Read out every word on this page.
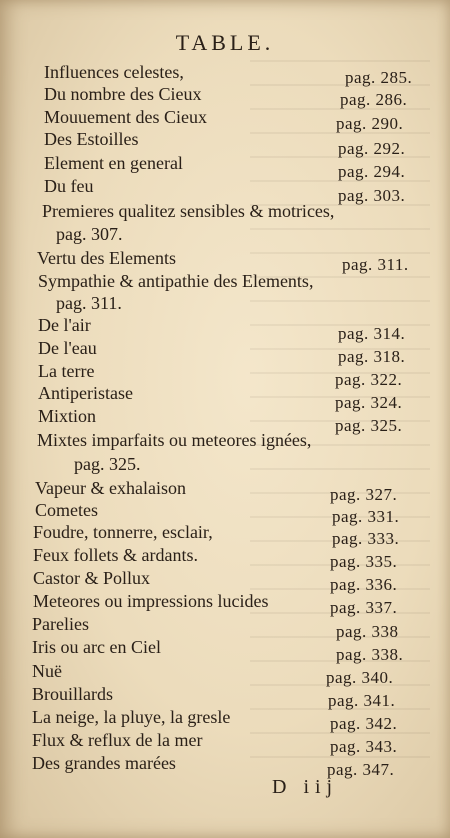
TABLE.
Influences celestes,	pag. 285.
Du nombre des Cieux	pag. 286.
Mouuement des Cieux	pag. 290.
Des Estoilles	pag. 292.
Element en general	pag. 294.
Du feu	pag. 303.
Premieres qualitez sensibles & motrices,
pag. 307.
Vertu des Elements	pag. 311.
Sympathie & antipathie des Elements,
pag. 311.
De l'air	pag. 314.
De l'eau	pag. 318.
La terre	pag. 322.
Antiperistase	pag. 324.
Mixtion	pag. 325.
Mixtes imparfaits ou meteores ignées,
pag. 325.
Vapeur & exhalaison	pag. 327.
Cometes	pag. 331.
Foudre, tonnerre, esclair,	pag. 333.
Feux follets & ardants.	pag. 335.
Castor & Pollux	pag. 336.
Meteores ou impressions lucides	pag. 337.
Parelies	pag. 338
Iris ou arc en Ciel	pag. 338.
Nuë	pag. 340.
Brouillards	pag. 341.
La neige, la pluye, la gresle	pag. 342.
Flux & reflux de la mer	pag. 343.
Des grandes marées	pag. 347.
D iij
